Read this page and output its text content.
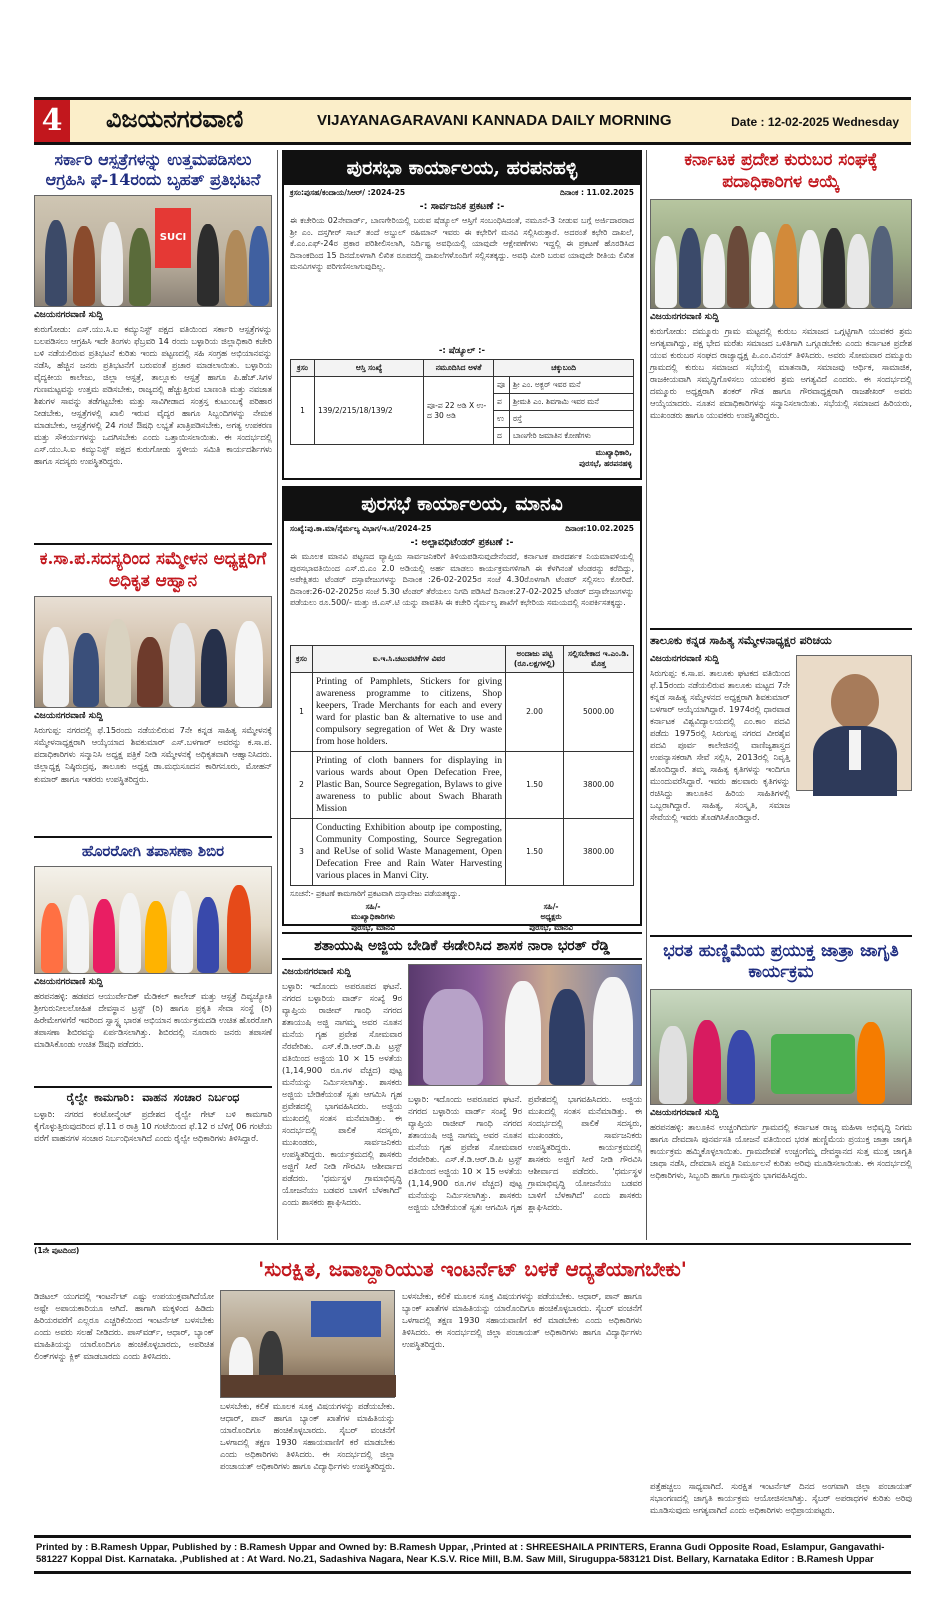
4	ವಿಜಯನಗರವಾಣಿ	VIJAYANAGARAVANI KANNADA DAILY MORNING	Date : 12-02-2025 Wednesday
ಸರ್ಕಾರಿ ಆಸ್ಪತ್ರೆಗಳನ್ನು ಉತ್ತಮಪಡಿಸಲು ಆಗ್ರಹಿಸಿ ಫೆ-14ರಂದು ಬೃಹತ್ ಪ್ರತಿಭಟನೆ
SUCI
ವಿಜಯನಗರವಾಣಿ ಸುದ್ದಿ
ಕುರುಗೋಡು: ಎಸ್.ಯು.ಸಿ.ಐ ಕಮ್ಯುನಿಸ್ಟ್ ಪಕ್ಷದ ವತಿಯಿಂದ ಸರ್ಕಾರಿ ಆಸ್ಪತ್ರೆಗಳನ್ನು ಬಲಪಡಿಸಲು ಆಗ್ರಹಿಸಿ ಇದೇ ತಿಂಗಳು ಫೆಬ್ರವರಿ 14 ರಂದು ಬಳ್ಳಾರಿಯ ಜಿಲ್ಲಾಧಿಕಾರಿ ಕಚೇರಿ ಬಳಿ ನಡೆಯಲಿರುವ ಪ್ರತಿಭಟನೆ ಕುರಿತು ಇಂದು ಪಟ್ಟಣದಲ್ಲಿ ಸಹಿ ಸಂಗ್ರಹ ಅಭಿಯಾನವನ್ನು ನಡೆಸಿ, ಹೆಚ್ಚಿನ ಜನರು ಪ್ರತಿಭಟನೆಗೆ ಬರುವಂತೆ ಪ್ರಚಾರ ಮಾಡಲಾಯಿತು. ಬಳ್ಳಾರಿಯ ವೈದ್ಯಕೀಯ ಕಾಲೇಜು, ಜಿಲ್ಲಾ ಆಸ್ಪತ್ರೆ, ತಾಲ್ಲೂಕು ಆಸ್ಪತ್ರೆ ಹಾಗೂ ಪಿ.ಹೆಚ್.ಸಿಗಳ ಗುಣಮಟ್ಟವನ್ನು ಉತ್ತಮ ಪಡಿಸಬೇಕು, ರಾಜ್ಯದಲ್ಲಿ ಹೆಚ್ಚುತ್ತಿರುವ ಬಾಣಂತಿ ಮತ್ತು ನವಜಾತ ಶಿಶುಗಳ ಸಾವನ್ನು ತಡೆಗಟ್ಟಬೇಕು ಮತ್ತು ಸಾವಿಗೀಡಾದ ಸಂತ್ರಸ್ತ ಕುಟುಂಬಕ್ಕೆ ಪರಿಹಾರ ನೀಡಬೇಕು, ಆಸ್ಪತ್ರೆಗಳಲ್ಲಿ ಖಾಲಿ ಇರುವ ವೈದ್ಯರ ಹಾಗೂ ಸಿಬ್ಬಂದಿಗಳನ್ನು ನೇಮಕ ಮಾಡಬೇಕು, ಆಸ್ಪತ್ರೆಗಳಲ್ಲಿ 24 ಗಂಟೆ ಔಷಧಿ ಲಭ್ಯತೆ ಖಾತ್ರಿಪಡಿಸಬೇಕು, ಅಗತ್ಯ ಉಪಕರಣ ಮತ್ತು ಸೌಕರ್ಯಗಳನ್ನು ಒದಗಿಸಬೇಕು ಎಂದು ಒತ್ತಾಯಿಸಲಾಯಿತು. ಈ ಸಂದರ್ಭದಲ್ಲಿ ಎಸ್.ಯು.ಸಿ.ಐ ಕಮ್ಯುನಿಸ್ಟ್ ಪಕ್ಷದ ಕುರುಗೋಡು ಸ್ಥಳೀಯ ಸಮಿತಿ ಕಾರ್ಯದರ್ಶಿಗಳು ಹಾಗೂ ಸದಸ್ಯರು ಉಪಸ್ಥಿತರಿದ್ದರು.
ಕ.ಸಾ.ಪ.ಸದಸ್ಯರಿಂದ ಸಮ್ಮೇಳನ ಅಧ್ಯಕ್ಷರಿಗೆ ಅಧಿಕೃತ ಆಹ್ವಾನ
ವಿಜಯನಗರವಾಣಿ ಸುದ್ದಿ
ಸಿರುಗುಪ್ಪ: ನಗರದಲ್ಲಿ ಫೆ.15ರಂದು ನಡೆಯಲಿರುವ 7ನೇ ಕನ್ನಡ ಸಾಹಿತ್ಯ ಸಮ್ಮೇಳನಕ್ಕೆ ಸಮ್ಮೇಳನಾಧ್ಯಕ್ಷರಾಗಿ ಆಯ್ಕೆಯಾದ ಶಿವಕುಮಾರ್ ಎಸ್.ಬಳಗಾರ್ ಅವರನ್ನು ಕ.ಸಾ.ಪ. ಪದಾಧಿಕಾರಿಗಳು ಸನ್ಮಾನಿಸಿ ಅಧ್ಯಕ್ಷ ಪತ್ರಿಕೆ ನೀಡಿ ಸಮ್ಮೇಳನಕ್ಕೆ ಅಧಿಕೃತವಾಗಿ ಆಹ್ವಾನಿಸಿದರು. ಜಿಲ್ಲಾಧ್ಯಕ್ಷ ನಿಷ್ಠಿರುದ್ರಪ್ಪ, ತಾಲೂಕು ಅಧ್ಯಕ್ಷ ಡಾ.ಮಧುಸೂದನ ಕಾರಿಗನೂರು, ಮೋಹನ್ ಕುಮಾರ್ ಹಾಗೂ ಇತರರು ಉಪಸ್ಥಿತರಿದ್ದರು.
ಹೊರರೋಗಿ ತಪಾಸಣಾ ಶಿಬಿರ
ವಿಜಯನಗರವಾಣಿ ಸುದ್ದಿ
ಹರಪನಹಳ್ಳಿ: ಹಡಪದ ಆಯುರ್ವೇದಿಕ್ ಮೆಡಿಕಲ್ ಕಾಲೇಜ್ ಮತ್ತು ಆಸ್ಪತ್ರೆ ದಿವ್ಯಜ್ಯೋತಿ ಶ್ರೀಗುರುನೀಲಲೋಹಿತ ದೇವಸ್ಥಾನ ಟ್ರಸ್ಟ್ (ರಿ) ಹಾಗೂ ಪ್ರಕೃತಿ ಸೇವಾ ಸಂಸ್ಥೆ (ರಿ) ಹಿರೇಮೇಗಳಗೆರೆ ಇವರಿಂದ ಸ್ವಾಸ್ಥ್ಯ ಭಾರತ ಅಭಿಯಾನ ಕಾರ್ಯಕ್ರಮದಡಿ ಉಚಿತ ಹೊರರೋಗಿ ತಪಾಸಣಾ ಶಿಬಿರವನ್ನು ಏರ್ಪಡಿಸಲಾಗಿತ್ತು. ಶಿಬಿರದಲ್ಲಿ ನೂರಾರು ಜನರು ತಪಾಸಣೆ ಮಾಡಿಸಿಕೊಂಡು ಉಚಿತ ಔಷಧಿ ಪಡೆದರು.
ರೈಲ್ವೇ ಕಾಮಗಾರಿ: ವಾಹನ ಸಂಚಾರ ನಿರ್ಬಂಧ
ಬಳ್ಳಾರಿ: ನಗರದ ಕಂಟೋನ್ಮೆಂಟ್ ಪ್ರದೇಶದ ರೈಲ್ವೇ ಗೇಟ್ ಬಳಿ ಕಾಮಗಾರಿ ಕೈಗೊಳ್ಳುತ್ತಿರುವುದರಿಂದ ಫೆ.11 ರ ರಾತ್ರಿ 10 ಗಂಟೆಯಿಂದ ಫೆ.12 ರ ಬೆಳಿಗ್ಗೆ 06 ಗಂಟೆಯ ವರೆಗೆ ವಾಹನಗಳ ಸಂಚಾರ ನಿರ್ಬಂಧಿಸಲಾಗಿದೆ ಎಂದು ರೈಲ್ವೇ ಅಧಿಕಾರಿಗಳು ತಿಳಿಸಿದ್ದಾರೆ.
ಪುರಸಭಾ ಕಾರ್ಯಾಲಯ, ಹರಪನಹಳ್ಳಿ
ಕ್ರಸಂ:ಪುಸಹ/ಕಂದಾಯ/ಸಿಆರ್/ :2024-25	ದಿನಾಂಕ : 11.02.2025
-: ಸಾರ್ವಜನಿಕ ಪ್ರಕಟಣೆ :-
ಈ ಕಚೇರಿಯ 02ನೇವಾರ್ಡ್, ಬಾಣಗೇರಿಯಲ್ಲಿ ಬರುವ ಷೆಡ್ಯೂಲ್ ಆಸ್ತಿಗೆ ಸಂಬಂಧಿಸಿದಂತೆ, ನಮೂನೆ-3 ನೀಡುವ ಬಗ್ಗೆ ಅರ್ಜಿದಾರರಾದ ಶ್ರೀ ಎಂ. ದಸ್ತಗೀರ್ ಸಾಬ್ ತಂದೆ ಅಬ್ದುಲ್ ರಹಿಮಾನ್ ಇವರು ಈ ಕಛೇರಿಗೆ ಮನವಿ ಸಲ್ಲಿಸಿರುತ್ತಾರೆ. ಅದರಂತೆ ಕಛೇರಿ ದಾಖಲೆ, ಕೆ.ಎಂ.ಎಫ್-24ರ ಪ್ರಕಾರ ಪರಿಶೀಲಿಸಲಾಗಿ, ನಿರ್ದಿಷ್ಟ ಅವಧಿಯಲ್ಲಿ ಯಾವುದೇ ಆಕ್ಷೇಪಣೆಗಳು ಇದ್ದಲ್ಲಿ ಈ ಪ್ರಕಟಣೆ ಹೊರಡಿಸಿದ ದಿನಾಂಕದಿಂದ 15 ದಿನದೊಳಗಾಗಿ ಲಿಖಿತ ರೂಪದಲ್ಲಿ ದಾಖಲೆಗಳೊಂದಿಗೆ ಸಲ್ಲಿಸತಕ್ಕದ್ದು. ಅವಧಿ ಮೀರಿ ಬರುವ ಯಾವುದೇ ರೀತಿಯ ಲಿಖಿತ ಮನವಿಗಳನ್ನು ಪರಿಗಣಿಸಲಾಗುವುದಿಲ್ಲ.
-: ಷೆಡ್ಯೂಲ್ :-
ಕ್ರಸಂ	ಆಸ್ತಿ ಸಂಖ್ಯೆ	ನಮೂದಿಸಿದ ಅಳತೆ	ಚಕ್ಕುಬಂದಿ	
1	139/2/215/18/139/2	ಪೂ-ಪ 22 ಅಡಿ X ಉ-ದ 30 ಅಡಿ	ಪೂ	ಶ್ರೀ ಎಂ. ಅಕ್ಬರ್ ಇವರ ಮನೆ
			ಪ	ಶ್ರೀಮತಿ ಎಂ. ಶಿವಗಾಮಿ ಇವರ ಮನೆ
			ಉ	ರಸ್ತೆ
			ದ	ಬಾಣಗೇರಿ ಜಮಾತಿನ ಕೋಣೆಗಳು
ಮುಖ್ಯಾಧಿಕಾರಿ,
ಪುರಸಭೆ, ಹರಪನಹಳ್ಳಿ
ಪುರಸಭೆ ಕಾರ್ಯಾಲಯ, ಮಾನವಿ
ಸಂಖ್ಯೆ:ಪು.ಕಾ.ಮಾ/ನೈರ್ಮಲ್ಯ ವಿಭಾಗ/ಇ.ಟಿ/2024-25	ದಿನಾಂಕ:10.02.2025
-: ಅಲ್ಪಾವಧಿಟೆಂಡರ್ ಪ್ರಕಟಣೆ :-
ಈ ಮೂಲಕ ಮಾನವಿ ಪಟ್ಟಣದ ವ್ಯಾಪ್ತಿಯ ಸಾರ್ವಜನಿಕರಿಗೆ ತಿಳಿಯಪಡಿಸುವುದೇನೆಂದರೆ, ಕರ್ನಾಟಕ ಪಾರದರ್ಶಕ ನಿಯಮಾವಳಿಯಲ್ಲಿ ಪುರಸಭಾವತಿಯಿಂದ ಎಸ್.ಬಿ.ಎಂ 2.0 ಅಡಿಯಲ್ಲಿ ಅರ್ಹ ಮಾಡಲು ಕಾರ್ಯಕ್ರಮಗಳಿಗಾಗಿ ಈ ಕೆಳಗಿನಂತೆ ಟೆಂಡರನ್ನು ಕರೆದಿದ್ದು, ಅಪೇಕ್ಷಿತರು ಟೆಂಡರ್ ದಸ್ತಾವೇಜುಗಳನ್ನು ದಿನಾಂಕ :26-02-2025ರ ಸಂಜೆ 4.30ರೊಳಗಾಗಿ ಟೆಂಡರ್ ಸಲ್ಲಿಸಲು ಕೋರಿದೆ. ದಿನಾಂಕ:26-02-2025ರ ಸಂಜೆ 5.30 ಟೆಂಡರ್ ತೆರೆಯಲು ನಿಗದಿ ಪಡಿಸಿದೆ ದಿನಾಂಕ:27-02-2025 ಟೆಂಡರ್ ದಸ್ತಾವೇಜುಗಳನ್ನು ಪಡೆಯಲು ರೂ.500/- ಮತ್ತು ಜಿ.ಎಸ್.ಟಿ ಯನ್ನು ಪಾವತಿಸಿ ಈ ಕಚೇರಿ ನೈರ್ಮಲ್ಯ ಶಾಖೆಗೆ ಕಛೇರಿಯ ಸಮಯದಲ್ಲಿ ಸಂಪರ್ಕಿಸತಕ್ಕದ್ದು.
ಕ್ರಸಂ	ಐ.ಇ.ಸಿ.ಚಟುವಟಿಕೆಗಳ ವಿವರ	ಅಂದಾಜು ಪಟ್ಟಿ (ರೂ.ಲಕ್ಷಗಳಲ್ಲಿ)	ಸಲ್ಲಿಸಬೇಕಾದ ಇ.ಎಂ.ಡಿ. ಮೊತ್ತ
1	Printing of Pamphlets, Stickers for giving awareness programme to citizens, Shop keepers, Trade Merchants for each and every ward for plastic ban & alternative to use and compulsory segregation of Wet & Dry waste from hose holders.	2.00	5000.00
2	Printing of cloth banners for displaying in various wards about Open Defecation Free, Plastic Ban, Source Segregation, Bylaws to give awareness to public about Swach Bharath Mission	1.50	3800.00
3	Conducting Exhibition aboutp ipe composting, Community Composting, Source Segregation and ReUse of solid Waste Management, Open Defecation Free and Rain Water Harvesting various places in Manvi City.	1.50	3800.00
ಸೂಚನೆ:- ಪ್ರಕಟಣೆ ಕಾಮಗಾರಿಗೆ ಪ್ರಕಟವಾಗಿ ದಸ್ತಾವೇಜು ಪಡೆಯತಕ್ಕದ್ದು.
ಸಹಿ/-
ಮುಖ್ಯಾಧಿಕಾರಿಗಳು
ಪುರಸಭೆ, ಮಾನವಿ
ಸಹಿ/-
ಅಧ್ಯಕ್ಷರು
ಪುರಸಭೆ, ಮಾನವಿ
ಶತಾಯುಷಿ ಅಜ್ಜಿಯ ಬೇಡಿಕೆ ಈಡೇರಿಸಿದ ಶಾಸಕ ನಾರಾ ಭರತ್ ರೆಡ್ಡಿ
ವಿಜಯನಗರವಾಣಿ ಸುದ್ದಿ
ಬಳ್ಳಾರಿ: ಇದೊಂದು ಅಪರೂಪದ ಘಟನೆ. ನಗರದ ಬಳ್ಳಾರಿಯ ವಾರ್ಡ್ ಸಂಖ್ಯೆ 9ರ ವ್ಯಾಪ್ತಿಯ ರಾಜೀವ್ ಗಾಂಧಿ ನಗರದ ಶತಾಯುಷಿ ಅಜ್ಜಿ ನಾಗಮ್ಮ ಅವರ ನೂತನ ಮನೆಯ ಗೃಹ ಪ್ರವೇಶ ಸೋಮವಾರ ನೆರವೇರಿತು. ಎಸ್.ಕೆ.ಡಿ.ಆರ್.ಡಿ.ಪಿ ಟ್ರಸ್ಟ್ ವತಿಯಿಂದ ಅಜ್ಜಿಯ 10 × 15 ಅಳತೆಯ (1,14,900 ರೂ.ಗಳ ವೆಚ್ಚದ) ಪುಟ್ಟ ಮನೆಯನ್ನು ನಿರ್ಮಿಸಲಾಗಿತ್ತು. ಶಾಸಕರು ಅಜ್ಜಿಯ ಬೇಡಿಕೆಯಂತೆ ಸ್ವತಃ ಆಗಮಿಸಿ ಗೃಹ ಪ್ರವೇಶದಲ್ಲಿ ಭಾಗವಹಿಸಿದರು. ಅಜ್ಜಿಯ ಮುಖದಲ್ಲಿ ಸಂತಸ ಮನೆಮಾಡಿತ್ತು. ಈ ಸಂದರ್ಭದಲ್ಲಿ ಪಾಲಿಕೆ ಸದಸ್ಯರು, ಮುಖಂಡರು, ಸಾರ್ವಜನಿಕರು ಉಪಸ್ಥಿತರಿದ್ದರು. ಕಾರ್ಯಕ್ರಮದಲ್ಲಿ ಶಾಸಕರು ಅಜ್ಜಿಗೆ ಸೀರೆ ನೀಡಿ ಗೌರವಿಸಿ ಆಶೀರ್ವಾದ ಪಡೆದರು. 'ಧರ್ಮಸ್ಥಳ ಗ್ರಾಮಾಭಿವೃದ್ಧಿ ಯೋಜನೆಯು ಬಡವರ ಬಾಳಿಗೆ ಬೆಳಕಾಗಿದೆ' ಎಂದು ಶಾಸಕರು ಶ್ಲಾಘಿಸಿದರು.
ಬಳ್ಳಾರಿ: ಇದೊಂದು ಅಪರೂಪದ ಘಟನೆ. ನಗರದ ಬಳ್ಳಾರಿಯ ವಾರ್ಡ್ ಸಂಖ್ಯೆ 9ರ ವ್ಯಾಪ್ತಿಯ ರಾಜೀವ್ ಗಾಂಧಿ ನಗರದ ಶತಾಯುಷಿ ಅಜ್ಜಿ ನಾಗಮ್ಮ ಅವರ ನೂತನ ಮನೆಯ ಗೃಹ ಪ್ರವೇಶ ಸೋಮವಾರ ನೆರವೇರಿತು. ಎಸ್.ಕೆ.ಡಿ.ಆರ್.ಡಿ.ಪಿ ಟ್ರಸ್ಟ್ ವತಿಯಿಂದ ಅಜ್ಜಿಯ 10 × 15 ಅಳತೆಯ (1,14,900 ರೂ.ಗಳ ವೆಚ್ಚದ) ಪುಟ್ಟ ಮನೆಯನ್ನು ನಿರ್ಮಿಸಲಾಗಿತ್ತು. ಶಾಸಕರು ಅಜ್ಜಿಯ ಬೇಡಿಕೆಯಂತೆ ಸ್ವತಃ ಆಗಮಿಸಿ ಗೃಹ ಪ್ರವೇಶದಲ್ಲಿ ಭಾಗವಹಿಸಿದರು. ಅಜ್ಜಿಯ ಮುಖದಲ್ಲಿ ಸಂತಸ ಮನೆಮಾಡಿತ್ತು. ಈ ಸಂದರ್ಭದಲ್ಲಿ ಪಾಲಿಕೆ ಸದಸ್ಯರು, ಮುಖಂಡರು, ಸಾರ್ವಜನಿಕರು ಉಪಸ್ಥಿತರಿದ್ದರು. ಕಾರ್ಯಕ್ರಮದಲ್ಲಿ ಶಾಸಕರು ಅಜ್ಜಿಗೆ ಸೀರೆ ನೀಡಿ ಗೌರವಿಸಿ ಆಶೀರ್ವಾದ ಪಡೆದರು. 'ಧರ್ಮಸ್ಥಳ ಗ್ರಾಮಾಭಿವೃದ್ಧಿ ಯೋಜನೆಯು ಬಡವರ ಬಾಳಿಗೆ ಬೆಳಕಾಗಿದೆ' ಎಂದು ಶಾಸಕರು ಶ್ಲಾಘಿಸಿದರು.
ಕರ್ನಾಟಕ ಪ್ರದೇಶ ಕುರುಬರ ಸಂಘಕ್ಕೆ ಪದಾಧಿಕಾರಿಗಳ ಆಯ್ಕೆ
ವಿಜಯನಗರವಾಣಿ ಸುದ್ದಿ
ಕುರುಗೋಡು: ದಮ್ಮೂರು ಗ್ರಾಮ ಮಟ್ಟದಲ್ಲಿ ಕುರುಬ ಸಮಾಜದ ಒಗ್ಗಟ್ಟಿಗಾಗಿ ಯುವಕರ ಶ್ರಮ ಅಗತ್ಯವಾಗಿದ್ದು, ಪಕ್ಷ ಭೇದ ಮರೆತು ಸಮಾಜದ ಒಳಿತಿಗಾಗಿ ಒಗ್ಗೂಡಬೇಕು ಎಂದು ಕರ್ನಾಟಕ ಪ್ರದೇಶ ಯುವ ಕುರುಬರ ಸಂಘದ ರಾಜ್ಯಾಧ್ಯಕ್ಷ ಪಿ.ಎಂ.ವಿನಯ್ ತಿಳಿಸಿದರು. ಅವರು ಸೋಮವಾರ ದಮ್ಮೂರು ಗ್ರಾಮದಲ್ಲಿ ಕುರುಬ ಸಮಾಜದ ಸಭೆಯಲ್ಲಿ ಮಾತನಾಡಿ, ಸಮಾಜವು ಆರ್ಥಿಕ, ಸಾಮಾಜಿಕ, ರಾಜಕೀಯವಾಗಿ ಸಮೃದ್ಧಿಗೊಳಿಸಲು ಯುವಕರ ಶ್ರಮ ಅಗತ್ಯವಿದೆ ಎಂದರು. ಈ ಸಂದರ್ಭದಲ್ಲಿ ದಮ್ಮೂರು ಅಧ್ಯಕ್ಷರಾಗಿ ಶಂಕರ್ ಗೌಡ ಹಾಗೂ ಗೌರವಾಧ್ಯಕ್ಷರಾಗಿ ರಾಜಶೇಖರ್ ಅವರು ಆಯ್ಕೆಯಾದರು. ನೂತನ ಪದಾಧಿಕಾರಿಗಳನ್ನು ಸನ್ಮಾನಿಸಲಾಯಿತು. ಸಭೆಯಲ್ಲಿ ಸಮಾಜದ ಹಿರಿಯರು, ಮುಖಂಡರು ಹಾಗೂ ಯುವಕರು ಉಪಸ್ಥಿತರಿದ್ದರು.
ತಾಲೂಕು ಕನ್ನಡ ಸಾಹಿತ್ಯ ಸಮ್ಮೇಳನಾಧ್ಯಕ್ಷರ ಪರಿಚಯ
ವಿಜಯನಗರವಾಣಿ ಸುದ್ದಿ
ಸಿರುಗುಪ್ಪ: ಕ.ಸಾ.ಪ. ತಾಲೂಕು ಘಟಕದ ವತಿಯಿಂದ ಫೆ.15ರಂದು ನಡೆಯಲಿರುವ ತಾಲೂಕು ಮಟ್ಟದ 7ನೇ ಕನ್ನಡ ಸಾಹಿತ್ಯ ಸಮ್ಮೇಳನದ ಅಧ್ಯಕ್ಷರಾಗಿ ಶಿವಕುಮಾರ್ ಬಳಗಾರ್ ಆಯ್ಕೆಯಾಗಿದ್ದಾರೆ. 1974ರಲ್ಲಿ ಧಾರವಾಡ ಕರ್ನಾಟಕ ವಿಶ್ವವಿದ್ಯಾಲಯದಲ್ಲಿ ಎಂ.ಕಾಂ ಪದವಿ ಪಡೆದು 1975ರಲ್ಲಿ ಸಿರುಗುಪ್ಪ ನಗರದ ವೀರಶೈವ ಪದವಿ ಪೂರ್ವ ಕಾಲೇಜಿನಲ್ಲಿ ವಾಣಿಜ್ಯಶಾಸ್ತ್ರದ ಉಪನ್ಯಾಸಕರಾಗಿ ಸೇವೆ ಸಲ್ಲಿಸಿ, 2013ರಲ್ಲಿ ನಿವೃತ್ತಿ ಹೊಂದಿದ್ದಾರೆ. ತಮ್ಮ ಸಾಹಿತ್ಯ ಕೃತಿಗಳನ್ನು ಇಂದಿಗೂ ಮುಂದುವರೆಸಿದ್ದಾರೆ. ಇವರು ಹಲವಾರು ಕೃತಿಗಳನ್ನು ರಚಿಸಿದ್ದು ತಾಲೂಕಿನ ಹಿರಿಯ ಸಾಹಿತಿಗಳಲ್ಲಿ ಒಬ್ಬರಾಗಿದ್ದಾರೆ. ಸಾಹಿತ್ಯ, ಸಂಸ್ಕೃತಿ, ಸಮಾಜ ಸೇವೆಯಲ್ಲಿ ಇವರು ತೊಡಗಿಸಿಕೊಂಡಿದ್ದಾರೆ.
ಭರತ ಹುಣ್ಣಿಮೆಯ ಪ್ರಯುಕ್ತ ಜಾತ್ರಾ ಜಾಗೃತಿ ಕಾರ್ಯಕ್ರಮ
ವಿಜಯನಗರವಾಣಿ ಸುದ್ದಿ
ಹರಪನಹಳ್ಳಿ: ತಾಲೂಕಿನ ಉಚ್ಚಂಗಿದುರ್ಗ ಗ್ರಾಮದಲ್ಲಿ ಕರ್ನಾಟಕ ರಾಜ್ಯ ಮಹಿಳಾ ಅಭಿವೃದ್ಧಿ ನಿಗಮ ಹಾಗೂ ದೇವದಾಸಿ ಪುನರ್ವಸತಿ ಯೋಜನೆ ವತಿಯಿಂದ ಭರತ ಹುಣ್ಣಿಮೆಯ ಪ್ರಯುಕ್ತ ಜಾತ್ರಾ ಜಾಗೃತಿ ಕಾರ್ಯಕ್ರಮ ಹಮ್ಮಿಕೊಳ್ಳಲಾಯಿತು. ಗ್ರಾಮದೇವತೆ ಉಚ್ಚಂಗೆಮ್ಮ ದೇವಸ್ಥಾನದ ಸುತ್ತ ಮುತ್ತ ಜಾಗೃತಿ ಜಾಥಾ ನಡೆಸಿ, ದೇವದಾಸಿ ಪದ್ಧತಿ ನಿರ್ಮೂಲನೆ ಕುರಿತು ಅರಿವು ಮೂಡಿಸಲಾಯಿತು. ಈ ಸಂದರ್ಭದಲ್ಲಿ ಅಧಿಕಾರಿಗಳು, ಸಿಬ್ಬಂದಿ ಹಾಗೂ ಗ್ರಾಮಸ್ಥರು ಭಾಗವಹಿಸಿದ್ದರು.
(1ನೇ ಪುಟದಿಂದ)
'ಸುರಕ್ಷಿತ, ಜವಾಬ್ದಾರಿಯುತ ಇಂಟರ್ನೆಟ್ ಬಳಕೆ ಆದ್ಯತೆಯಾಗಬೇಕು'
ಡಿಜಿಟಲ್ ಯುಗದಲ್ಲಿ ಇಂಟರ್ನೆಟ್ ಎಷ್ಟು ಉಪಯುಕ್ತವಾಗಿದೆಯೋ ಅಷ್ಟೇ ಅಪಾಯಕಾರಿಯೂ ಆಗಿದೆ. ಹಾಗಾಗಿ ಮಕ್ಕಳಿಂದ ಹಿಡಿದು ಹಿರಿಯರವರೆಗೆ ಎಲ್ಲರೂ ಎಚ್ಚರಿಕೆಯಿಂದ ಇಂಟರ್ನೆಟ್ ಬಳಸಬೇಕು ಎಂದು ಅವರು ಸಲಹೆ ನೀಡಿದರು. ಪಾಸ್‌ವರ್ಡ್, ಆಧಾರ್, ಬ್ಯಾಂಕ್ ಮಾಹಿತಿಯನ್ನು ಯಾರೊಂದಿಗೂ ಹಂಚಿಕೊಳ್ಳಬಾರದು, ಅಪರಿಚಿತ ಲಿಂಕ್‌ಗಳನ್ನು ಕ್ಲಿಕ್ ಮಾಡಬಾರದು ಎಂದು ತಿಳಿಸಿದರು.
ಬಳಸಬೇಕು, ಕಲಿಕೆ ಮೂಲಕ ಸೂಕ್ತ ವಿಷಯಗಳನ್ನು ಪಡೆಯಬೇಕು. ಆಧಾರ್, ಪಾನ್ ಹಾಗೂ ಬ್ಯಾಂಕ್ ಖಾತೆಗಳ ಮಾಹಿತಿಯನ್ನು ಯಾರೊಂದಿಗೂ ಹಂಚಿಕೊಳ್ಳಬಾರದು. ಸೈಬರ್ ವಂಚನೆಗೆ ಒಳಗಾದಲ್ಲಿ ತಕ್ಷಣ 1930 ಸಹಾಯವಾಣಿಗೆ ಕರೆ ಮಾಡಬೇಕು ಎಂದು ಅಧಿಕಾರಿಗಳು ತಿಳಿಸಿದರು. ಈ ಸಂದರ್ಭದಲ್ಲಿ ಜಿಲ್ಲಾ ಪಂಚಾಯತ್ ಅಧಿಕಾರಿಗಳು ಹಾಗೂ ವಿದ್ಯಾರ್ಥಿಗಳು ಉಪಸ್ಥಿತರಿದ್ದರು.
ಬಳಸಬೇಕು, ಕಲಿಕೆ ಮೂಲಕ ಸೂಕ್ತ ವಿಷಯಗಳನ್ನು ಪಡೆಯಬೇಕು. ಆಧಾರ್, ಪಾನ್ ಹಾಗೂ ಬ್ಯಾಂಕ್ ಖಾತೆಗಳ ಮಾಹಿತಿಯನ್ನು ಯಾರೊಂದಿಗೂ ಹಂಚಿಕೊಳ್ಳಬಾರದು. ಸೈಬರ್ ವಂಚನೆಗೆ ಒಳಗಾದಲ್ಲಿ ತಕ್ಷಣ 1930 ಸಹಾಯವಾಣಿಗೆ ಕರೆ ಮಾಡಬೇಕು ಎಂದು ಅಧಿಕಾರಿಗಳು ತಿಳಿಸಿದರು. ಈ ಸಂದರ್ಭದಲ್ಲಿ ಜಿಲ್ಲಾ ಪಂಚಾಯತ್ ಅಧಿಕಾರಿಗಳು ಹಾಗೂ ವಿದ್ಯಾರ್ಥಿಗಳು ಉಪಸ್ಥಿತರಿದ್ದರು.
ಪತ್ತೆಹಚ್ಚಲು ಸಾಧ್ಯವಾಗಿದೆ. ಸುರಕ್ಷಿತ ಇಂಟರ್ನೆಟ್ ದಿನದ ಅಂಗವಾಗಿ ಜಿಲ್ಲಾ ಪಂಚಾಯತ್ ಸಭಾಂಗಣದಲ್ಲಿ ಜಾಗೃತಿ ಕಾರ್ಯಕ್ರಮ ಆಯೋಜಿಸಲಾಗಿತ್ತು. ಸೈಬರ್ ಅಪರಾಧಗಳ ಕುರಿತು ಅರಿವು ಮೂಡಿಸುವುದು ಅಗತ್ಯವಾಗಿದೆ ಎಂದು ಅಧಿಕಾರಿಗಳು ಅಭಿಪ್ರಾಯಪಟ್ಟರು.
Printed by : B.Ramesh Uppar, Published by : B.Ramesh Uppar and Owned by: B.Ramesh Uppar, ,Printed at : SHREESHAILA PRINTERS, Eranna Gudi Opposite Road, Eslampur, Gangavathi-581227 Koppal Dist. Karnataka. ,Published at : At Ward. No.21, Sadashiva Nagara, Near K.S.V. Rice Mill, B.M. Saw Mill, Siruguppa-583121 Dist. Bellary, Karnataka Editor : B.Ramesh Uppar
